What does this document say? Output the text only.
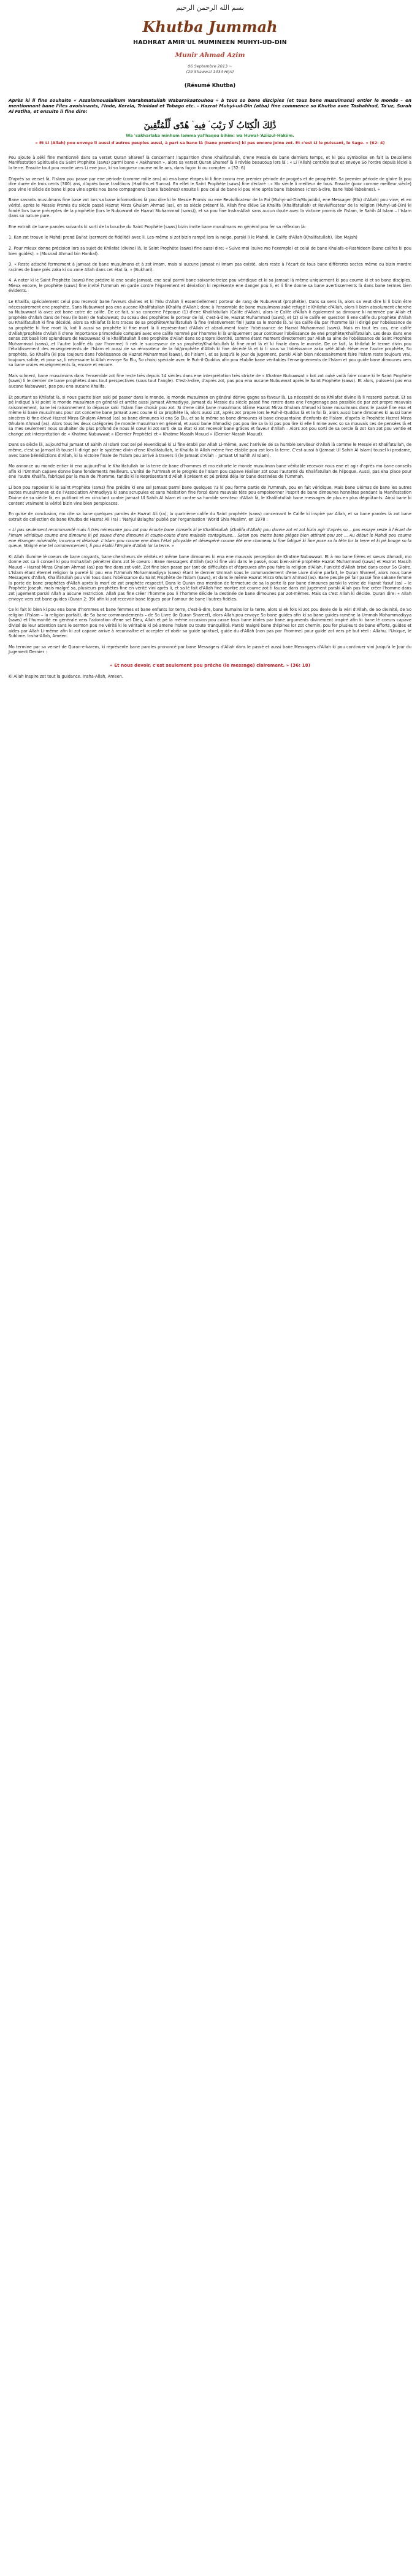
بسم الله الرحمن الرحيم
Khutba Jummah
HADHRAT AMIR'UL MUMINEEN MUHYI-UD-DIN
Munir Ahmad Azim
06 Septembre 2013 ~
(29 Shawwal 1434 Hijri)
(Résumé Khutba)

Après ki li fine souhaite « Assalamoualaikum Warahmatullah Wabarakaatouhou » à tous so bane disciples (et tous bane musulmans) entier le monde – en mentionnant bane l'îles avoisinants, l'Inde, Kerala, Trinidad et Tobago etc. – Hazrat Muhyi-ud-Din (atba) fine commence so Khutba avec Tashahhud, Ta'uz, Surah Al Fatiha, et ensuite li fine dire:

ذَٰلِكَ الْكِتَابُ لَا رَيْبَ ۛ فِيهِ ۛ هُدًى لِّلْمُتَّقِينَ
Wa 'sakharlaka minhum lamma yal'haqou bihim: wa Huwal-'Aziizul-Hakiim.
« Et Li (Allah) pou envoye li aussi d'autres peuples aussi, à part sa bane là (bane premiers) ki pas encore joine zot. Et c'est Li le puissant, le Sage. » (62: 4)

Pou ajoute à séki fine mentionné dans sa verset Quran Shareef là concernant l'apparition d'ene Khalifatullah, d'ene Messie de bane derniers temps, et ki pou symbolise en fait la Deuxième Manifestation Spirituelle du Saint Prophète (saws) parmi bane « Aakhareen », alors sa verset Quran Shareef là li révèle beaucoup lors là : « Li (Allah) contrôle tout et envoye So l'ordre depuis léciel à la terre. Ensuite tout pou monte vers Li ene jour, ki so longueur coume mille ans, dans façon ki ou compter. » (32: 6)

D'après sa verset là, l'Islam pou passe par ene période (comme mille ans) où ena bane étapes ki li fine connu ene premier période de progrès et de prospérité. Sa premier période de gloire là pou dire durée de trois cents (300) ans, d'après bane traditions (Hadiths et Sunna). En effet le Saint Prophète (saws) fine déclaré : « Mo siècle li meilleur de tous. Ensuite (pour comme meilleur siècle) pou vine le siècle de bane ki pou vine après nou bane compagnons (bane Tabeènes) ensuite li pou celui de bane ki pou vine après bane Tabeènes (c'est-à-dire, bane Tabé-Tabeènes). »

Bane savants musulmans fine base zot lors sa bane informations là pou dire ki le Messie Promis ou ene Revivificateur de la Foi (Muhyi-ud-Din/Mujaddid, ene Messager (Elu) d'Allah) pou vine; et en vérité, après le Messie Promis du siècle passé Hazrat Mirza Ghulam Ahmad (as), en sa siècle présent là, Allah fine élève So Khalifa (Khalifatullah) et Revivificateur de la religion (Muhyi-ud-Din) ki fondé lors bane préceptes de la prophétie (lors le Nubuwwat de Hazrat Muhammad (saws)), et sa pou fine Insha-Allah sans aucun doute avec la victoire promis de l'Islam, le Sahih Al Islam – l'Islam dans so nature pure.

Ene extrait de bane paroles suivants ki sorti de la bouche du Saint Prophète (saws) bizin invite bane musulmans en général pou fer sa réflexion là:

1. Kan zot trouve le Mahdi prend Bai'at (serment de fidélité) avec li. Les-même si zot bizin rampé lors la neige, parski li le Mahdi, le Calife d'Allah (Khalifatullah). (Ibn Majah)

2. Pour mieux donne précision lors sa sujet de Khilafat (divine) là, le Saint Prophète (saws) fine aussi dire: « Suive moi (suive mo l'exemple) et celui de bane Khulafa-e-Rashideen (bane califes ki pou bien guidés). » (Musnad Ahmad bin Hanbal).

3. « Reste attaché fermement à Jamaat de bane musulmans et à zot Imam, mais si aucune Jamaat ni Imam pas existé, alors reste à l'écart de tous bane différents sectes même ou bizin mordre racines de bane piés zaka ki ou zone Allah dans cet état là. » (Bukhari).

4. A noter ki le Saint Prophète (saws) fine prédire ki ene seule Jamaat, ene seul parmi bane soixante-treize pou véridique et ki sa Jamaat là même uniquement ki pou coume ki et so bane disciples. Mieux encore, le prophète (saws) fine invité l'Ummah en garde contre l'égarement et déviation ki représente ene danger pou li, et li fine donne sa bane avertissements là dans bane termes bien évidents.

Le Khalifa, spécialement celui pou recevoir bane faveurs divines et ki l'Élu d'Allah li essentiellement porteur de rang de Nubuwwat (prophétie). Dans sa sens là, alors sa veut dire ki li bizin être nécessairement ene prophète. Sans Nubuwwat pas ena aucane Khalifatullah (Khalifa d'Allah); donc à l'ensemble de bane musulmans zaké refugé le Khilafat d'Allah, alors li bizin absolument cherche sa Nubuwwat là avec zot bane cotre de calife. De ce fait, si sa concerne l'époque (1) d'ene Khalifatullah (Calife d'Allah), alors le Calife d'Allah li également sa dimoune ki nommée par Allah et prophète d'Allah dans de l'eau (le bain) de Nubuwwat; du sceau des prophètes le porteur de loi, c'est-à-dire, Hazrat Muhammad (saws), et (2) si le calife en question li ene calife du prophète d'Allah ou Khalifatullah ki fine décédé, alors sa Khilafat là lors traces de sa prophète/Khalifatullah là fine (relativement fini) juste sa le monde là. Si (sa calife élu par l'homme là) li dirigé par l'obéissance de sa prophète ki fine mort là, kot li aussi sa prophète ki fine mort là li représentant d'Allah et absolument toute l'obéissance de Hazrat Muhammad (saws). Mais en tout les cas, ene calife d'Allah/prophète d'Allah li d'ene importance primordiale comparé avec ene calife nommé par l'homme ki là uniquement pour continuer l'obéissance de ene prophète/Khalifatullah. Les deux dans ene sense zot basé lors splendeurs de Nubuwwat ki le khalifatullah li ene prophète d'Allah dans so propre identité, comme étant moment directement par Allah sa aine de l'obéissance de Saint Prophète Muhammad (saws), et l'autre (calife élu par l'homme) li nek le successeur de sa prophète/Khalifatullah là fine mort là et ki finale dans le monde. De ce fait, la khilafat le terme divin pou l'établissement des enseignements de l'Islam et aussi de sa rénovateur de la foi/prophète d'Allah ki fine décédé là et ki li sous so l'obéissance zaka sélé Allah élève ene l'autre prophète, So prophète, So Khalifa (ki pou toujours dans l'obéissance de Hazrat Muhammad (saws), de l'Islam), et sa jusqu'à le Jour du Jugement, parski Allah bien nécessairement faire l'Islam reste toujours vrai, toujours solide, et pour sa, li nécessaire ki Allah envoye So Élu, So choisi spéciale avec le Ruh-il-Quddus afin pou établie bane véritables l'enseignements de l'Islam et pou guide bane dimounes vers sa bane vraies enseignements là, encore et encore.

Mais sclment, bane musulmans dans l'ensemble zot fine reste très depuis 14 siècles dans ene interprétation très stricte de « Khatme Nubuwwat » kot zot ouké voilà faire coune ki le Saint Prophète (saws) li le dernier de bane prophètes dans tout perspectives (sous tout l'angle). C'est-à-dire, d'après zot, pas pou ena aucane Nubuwwat après le Saint Prophète (saws). Et alors, puisse-ki pas ena aucane Nubuwwat, pas pou ena aucane Khalifa.

Et pourtant sa Khilafat là, si nous guette bien saki pé passer dans le monde, le monde musulman en général dérive gagne sa faveur là. La nécessité de sa Khilafat divine là li ressenti partout. Et sa pé indiqué à ki point le monde musulman en général et arrête aussi Jamaat Ahmadiyya, Jamaat du Messie du siècle passé fine rentre dans ene l'engrenage pas possible de par zot propre mauvais raisonnement, bane lei raisonnement lo dépasse saki l'Islam fine choisir pou zot. Si d'ene côté bane musulmans blâme Hazrat Mirza Ghulam Ahmad ki bane musulmans dans le passé fine ena et même ki bane musulmans pour zot concerne bane Jamaat avec coune ki sa prophète là, alors aussi zot, après zot propre lors le Ruh-il-Quddus là et la foi là, alors aussi bane dimounes ki aussi bane sincères ki fine élevé Hazrat Mirza Ghulam Ahmad (as) sa bane dimounes ki ena So Élu, et sa la même sa bane dimounes ki bane cinquantaine d'enfants de l'Islam, d'après le Prophète Hazrat Mirza Ghulam Ahmad (as). Alors tous les deux catégories (le monde musulman en général, et aussi bane Ahmadis) pas pou lire sa la ki pas pou lire ki elle li mine avec so sa mauvais ces de pensées là et sa mes seulement nous souhaiter du plus profond de nous lé cœur ki zot sorti de sa état ki zot recevoir bane grâces et faveur d'Allah – Alors zot pou sorti de sa cercle là zot kan zot pou ventie et change zot interprétation de « Khatme Nubuwwat » (Dernier Prophète) et « Khatme Massih Mouud » (Dernier Massih Mauud).

Dans sa siècle là, aujourd'hui Jamaat Ul Sahih Al Islam tout sel pé revendiqué ki Li fine établi par Allah Li-même, avec l'arrivée de sa humble serviteur d'Allah là comme le Messie et Khalifatullah, de même, c'est sa Jamaat là tousel li dirigé par le système divin d'ene Khalifatullah, le Khalifa ki Allah même fine établie pou zot lors la terre. C'est aussi à (Jamaat Ul Sahih Al Islam) tousel ki prodame, avec bane bénédictions d'Allah, ki la victoire finale de l'Islam pou arrivé à travers li (le Jamaat d'Allah – Jamaat Ul Sahih Al Islam).

Mo annonce au monde entier ki ena aujourd'hui le Khalifatullah lor la terre de bane d'hommes et mo exhorte le monde musulman bane véritable recevoir nous ene et agir d'après mo bane conseils afin ki l'Ummah capave donne bane fondements meilleurs. L'unité de l'Ummah et le progrès de l'Islam pou capave réaliser zot sous l'autorité du Khalifatullah de l'époque. Aussi, pas ena place pour ene l'autre Khalifa, fabriqué par la main de l'homme, tandis ki le Représentant d'Allah li présent et pé prêsté déja lor bane destinées de l'Ummah.

Li bon pou rappeler ki le Saint Prophète (saws) fine prédire ki ene sel Jamaat parmi bane quelques 73 ki pou forme partie de l'Ummah, pou en fait véridique. Mais bane Ulémas de bane les autres sectes musulmanes et de l'Association Ahmadiyya ki sans scrupules et sans hésitation fine forcé dans mauvais tête pou empoisonner l'esprit de bane dimounes honnêtes pendant la Manifestation Divine de sa siècle là, en publiant et en circulant contre Jamaat Ul Sahih Al Islam et contre sa humble serviteur d'Allah là, le Khalifatullah bane messages de plus en plus dégoûtants. Ainsi bane ki content vraiment la vérité bizin vine bien perspicaces.

En guise de conclusion, mo cite sa bane quelques paroles de Hazrat Ali (ra), la quatrième calife du Saint prophète (saws) concernant le Calife ki inspiré par Allah, et sa bane paroles là zot bane extrait de collection de bane Khutba de Hazrat Ali (ra) : 'Nahjul Balagha' publié par l'organisation 'World Shia Muslim', en 1978 :

« Li pas seulement recommandé mais li très nécessaire pou zot pou écoute bane conseils ki le Khalifatullah (Khalifa d'Allah) pou donne zot et zot bizin agir d'après so... pas essaye reste à l'écart de l'Imam véridique coume ene dimoune ki pé sauve d'ene dimoune ki coupe-coute d'ene maladie contagieuse... Satan pou mette bane pièges bien attirant pou zot ... Au début le Mahdi pou coume ene étranger misérable, inconnu et délaissé. L'Islam pou coume ene dans l'état pitoyable et désespéré coume été ene chameau ki fine fatigué ki fine pose so la tête lor la terre et ki pé bouge so la queue. Malgré ene tel commencement, li pou établi l'Empire d'Allah lor la terre. »

Ki Allah illumine lé coeurs de bane croyants, bane chercheurs de vérités et même bane dimounes ki ena ene mauvais perception de Khatme Nubuwwat. Et à mo bane frères et sœurs Ahmadi, mo donne zot sa li conseil ki pou InshaAllah pénétrer dans zot lé coeurs : Bane messagers d'Allah (as) ki fine vini dans le passé, nous bien-aimé prophète Hazrat Muhammad (saws) et Hazrat Massih Mauud – Hazrat Mirza Ghulam Ahmad (as) pas fine dans zot volé. Zot fine bien passe par tant de difficultés et d'épreuves afin pou faire la religion d'Allah, l'unicité d'Allah brisé dans coeur So Gloire. L'Islam étant éternel religion la pureté ki pou ena l'Ummah Mohammadiyya (saws) étant le dernier Ummah sous le commandement d'ene Livre divine parfait, le Quran Shareef, alors nous bane Messagers d'Allah, Khalifatullah pou vini tous dans l'obéissance du Saint Prophète de l'Islam (saws), et dans le même Hazrat Mirza Ghulam Ahmad (as). Bane peuple pé fair passé fine sakane femme la porte de bane prophètes d'Allah après la mort de zot prophète respectif. Dans le Quran ena mention de fermeture de sa la porte là par bane dimounes parski la veine de Hazrat Yusuf (as) – le Prophète Joseph, mais malgré sa, plusieurs prophètes fine en vérité vini après li, et sa lé fait d'Allah fine montré zot coume zot ti fausse dans zot jugement parski Allah pas fine créer l'homme dans zot jugement parski Allah a ascune restriction. Allah pas fine créer l'homme pou li l'homme décide la destinée de bane dimounes par zot-mêmes. Mais sa c'est Allah ki décide. Quran dire: « Allah envoye vers zot bane guides (Quran 2: 39) afin ki zot recevoir bane lègues pour l'amour de bane l'autres fidèles.

Ce ki fait ki bien ki pou ena bane d'hommes et bane femmes et bane enfants lor terre, c'est-à-dire, bane humains lor la terre, alors si ek fois ki zot pou devie de la véri d'Allah, de So divinité, de So religion (l'Islam – la religion parfait), de So bane commandements – de So Livre (le Quran Shareef), alors Allah pou envoye So bane guides afin ki sa bane guides ramène la Ummah Mohammadiyya (saws) et l'humanité en générale vers l'adoration d'ene sel Dieu, Allah et pé la même occasion pou casse tous bane idoles par bane arguments divinement inspiré afin ki bane lé coeurs capave divisé de leur attention sans le sermon pou ne vérité ki le véritable ki pé amene l'Islam ou toute tranquillité. Parski malgré bane d'épines lor zot chemin, pou fer plusieurs de bane efforts, guides et aides par Allah Li-même afin ki zot capave arrive à reconnaître et accepter et obéir sa guide spirituel, guide du d'Allah (non pas par l'homme) pour guide zot vers pé but réel : Allahu, l'Unique, le Sublime. Insha-Allah, Ameen.

Mo termine par sa verset de Quran-e-karem, ki représente bane paroles prononcé par bane Messagers d'Allah dans le passé et aussi bane Messagers d'Allah ki pou continuer vini Jusqu'à le Jour du Jugement Dernier :

« Et nous devoir, c'est seulement pou prêche (le message) clairement. » (36: 18)

Ki Allah inspire zot tout la guidance. Insha-Allah, Ameen.
